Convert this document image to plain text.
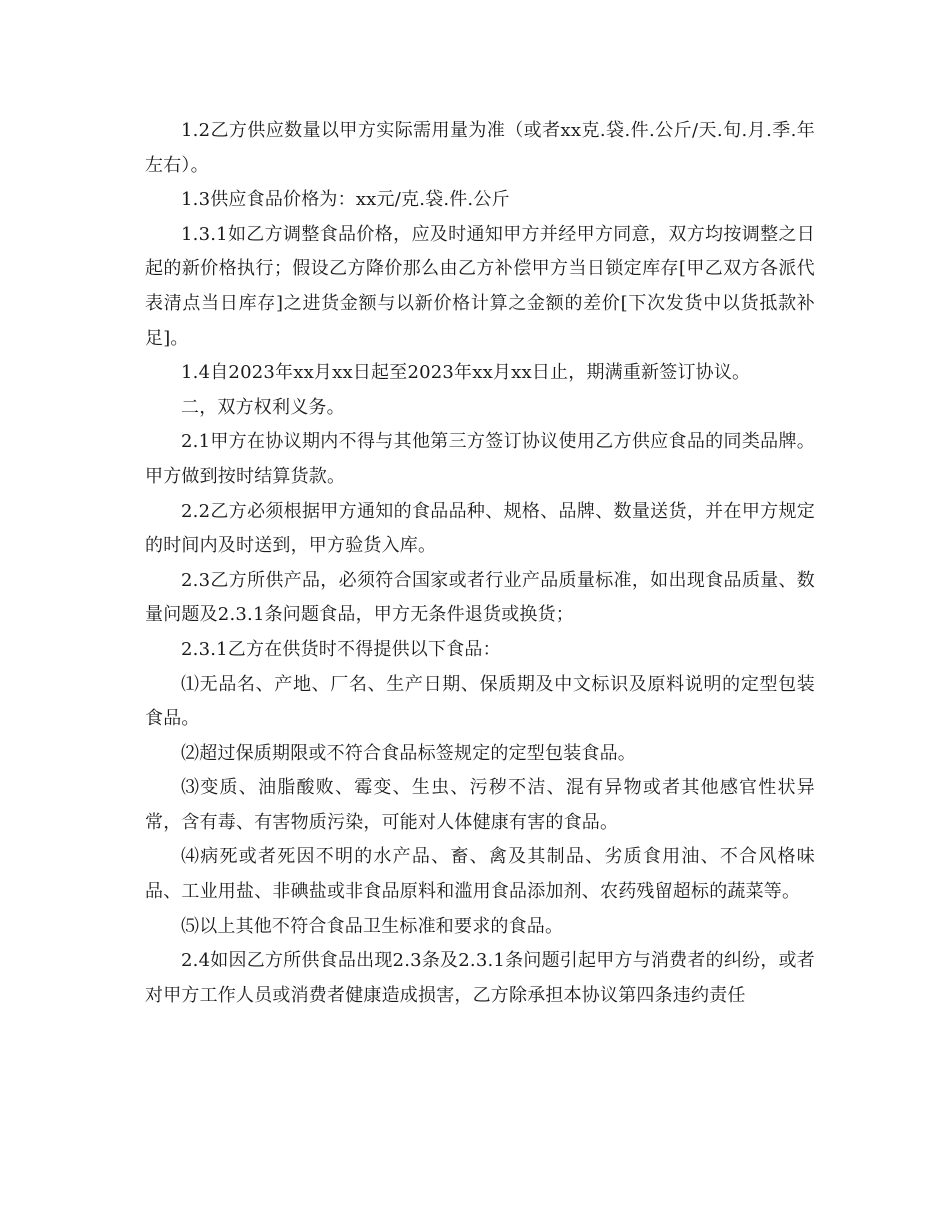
1.2乙方供应数量以甲方实际需用量为准（或者xx克.袋.件.公斤/天.旬.月.季.年左右）。

1.3供应食品价格为：xx元/克.袋.件.公斤

1.3.1如乙方调整食品价格，应及时通知甲方并经甲方同意，双方均按调整之日起的新价格执行；假设乙方降价那么由乙方补偿甲方当日锁定库存[甲乙双方各派代表清点当日库存]之进货金额与以新价格计算之金额的差价[下次发货中以货抵款补足]。

1.4自2023年xx月xx日起至2023年xx月xx日止，期满重新签订协议。

二，双方权利义务。

2.1甲方在协议期内不得与其他第三方签订协议使用乙方供应食品的同类品牌。甲方做到按时结算货款。

2.2乙方必须根据甲方通知的食品品种、规格、品牌、数量送货，并在甲方规定的时间内及时送到，甲方验货入库。

2.3乙方所供产品，必须符合国家或者行业产品质量标准，如出现食品质量、数量问题及2.3.1条问题食品，甲方无条件退货或换货；

2.3.1乙方在供货时不得提供以下食品：

⑴无品名、产地、厂名、生产日期、保质期及中文标识及原料说明的定型包装食品。

⑵超过保质期限或不符合食品标签规定的定型包装食品。

⑶变质、油脂酸败、霉变、生虫、污秽不洁、混有异物或者其他感官性状异常，含有毒、有害物质污染，可能对人体健康有害的食品。

⑷病死或者死因不明的水产品、畜、禽及其制品、劣质食用油、不合风格味品、工业用盐、非碘盐或非食品原料和滥用食品添加剂、农药残留超标的蔬菜等。

⑸以上其他不符合食品卫生标准和要求的食品。

2.4如因乙方所供食品出现2.3条及2.3.1条问题引起甲方与消费者的纠纷，或者对甲方工作人员或消费者健康造成损害，乙方除承担本协议第四条违约责任
